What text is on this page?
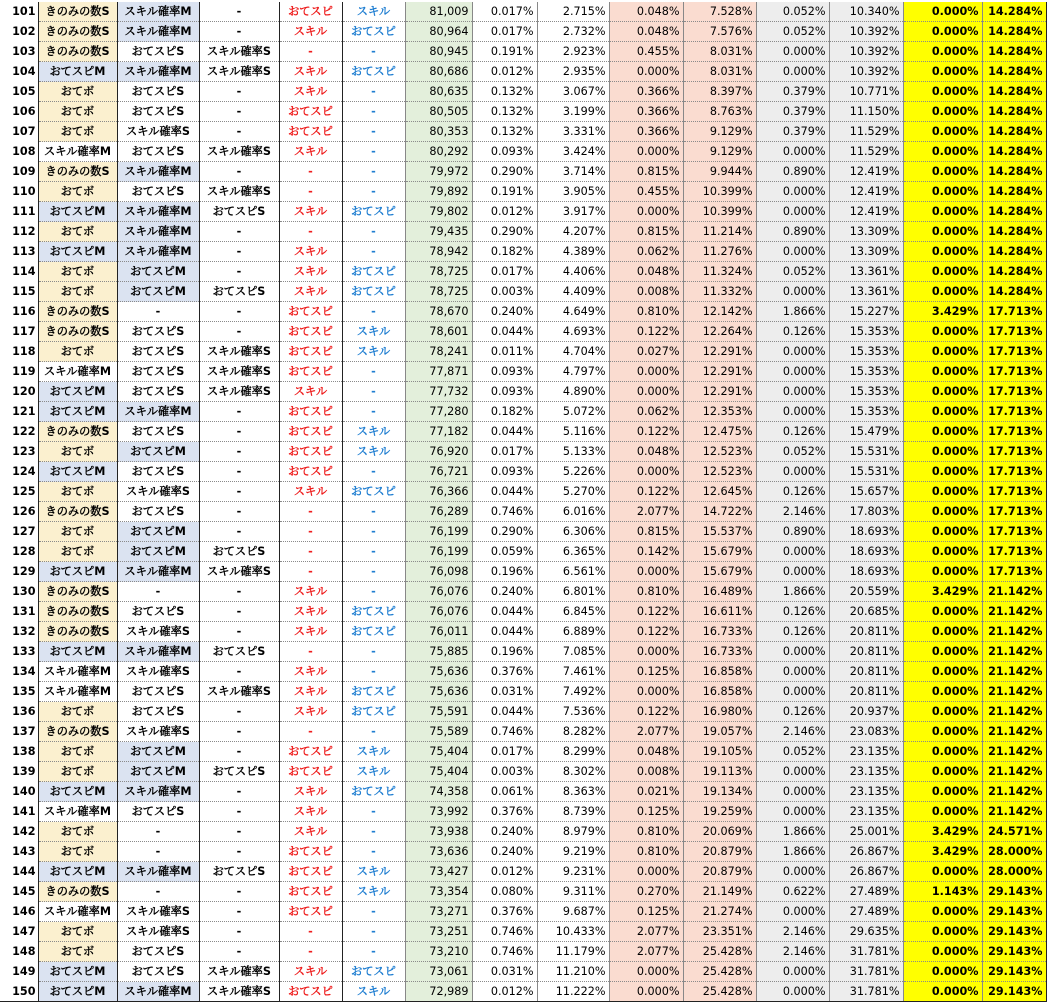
101	きのみの数S	スキル確率M	-	おてスピ	スキル	81,009	0.017%	2.715%	0.048%	7.528%	0.052%	10.340%	0.000%	14.284%
102	きのみの数S	スキル確率M	-	スキル	おてスピ	80,964	0.017%	2.732%	0.048%	7.576%	0.052%	10.392%	0.000%	14.284%
103	きのみの数S	おてスピS	スキル確率S	-	-	80,945	0.191%	2.923%	0.455%	8.031%	0.000%	10.392%	0.000%	14.284%
104	おてスピM	スキル確率M	スキル確率S	スキル	おてスピ	80,686	0.012%	2.935%	0.000%	8.031%	0.000%	10.392%	0.000%	14.284%
105	おてボ	おてスピS	-	スキル	-	80,635	0.132%	3.067%	0.366%	8.397%	0.379%	10.771%	0.000%	14.284%
106	おてボ	おてスピS	-	おてスピ	-	80,505	0.132%	3.199%	0.366%	8.763%	0.379%	11.150%	0.000%	14.284%
107	おてボ	スキル確率S	-	おてスピ	-	80,353	0.132%	3.331%	0.366%	9.129%	0.379%	11.529%	0.000%	14.284%
108	スキル確率M	おてスピS	スキル確率S	スキル	-	80,292	0.093%	3.424%	0.000%	9.129%	0.000%	11.529%	0.000%	14.284%
109	きのみの数S	スキル確率M	-	-	-	79,972	0.290%	3.714%	0.815%	9.944%	0.890%	12.419%	0.000%	14.284%
110	おてボ	おてスピS	スキル確率S	-	-	79,892	0.191%	3.905%	0.455%	10.399%	0.000%	12.419%	0.000%	14.284%
111	おてスピM	スキル確率M	おてスピS	スキル	おてスピ	79,802	0.012%	3.917%	0.000%	10.399%	0.000%	12.419%	0.000%	14.284%
112	おてボ	スキル確率M	-	-	-	79,435	0.290%	4.207%	0.815%	11.214%	0.890%	13.309%	0.000%	14.284%
113	おてスピM	スキル確率M	-	スキル	-	78,942	0.182%	4.389%	0.062%	11.276%	0.000%	13.309%	0.000%	14.284%
114	おてボ	おてスピM	-	スキル	おてスピ	78,725	0.017%	4.406%	0.048%	11.324%	0.052%	13.361%	0.000%	14.284%
115	おてボ	おてスピM	おてスピS	スキル	おてスピ	78,725	0.003%	4.409%	0.008%	11.332%	0.000%	13.361%	0.000%	14.284%
116	きのみの数S	-	-	おてスピ	-	78,670	0.240%	4.649%	0.810%	12.142%	1.866%	15.227%	3.429%	17.713%
117	きのみの数S	おてスピS	-	おてスピ	スキル	78,601	0.044%	4.693%	0.122%	12.264%	0.126%	15.353%	0.000%	17.713%
118	おてボ	おてスピS	スキル確率S	おてスピ	スキル	78,241	0.011%	4.704%	0.027%	12.291%	0.000%	15.353%	0.000%	17.713%
119	スキル確率M	おてスピS	スキル確率S	おてスピ	-	77,871	0.093%	4.797%	0.000%	12.291%	0.000%	15.353%	0.000%	17.713%
120	おてスピM	おてスピS	スキル確率S	スキル	-	77,732	0.093%	4.890%	0.000%	12.291%	0.000%	15.353%	0.000%	17.713%
121	おてスピM	スキル確率M	-	おてスピ	-	77,280	0.182%	5.072%	0.062%	12.353%	0.000%	15.353%	0.000%	17.713%
122	きのみの数S	おてスピS	-	おてスピ	スキル	77,182	0.044%	5.116%	0.122%	12.475%	0.126%	15.479%	0.000%	17.713%
123	おてボ	おてスピM	-	おてスピ	スキル	76,920	0.017%	5.133%	0.048%	12.523%	0.052%	15.531%	0.000%	17.713%
124	おてスピM	おてスピS	-	おてスピ	-	76,721	0.093%	5.226%	0.000%	12.523%	0.000%	15.531%	0.000%	17.713%
125	おてボ	スキル確率S	-	スキル	おてスピ	76,366	0.044%	5.270%	0.122%	12.645%	0.126%	15.657%	0.000%	17.713%
126	きのみの数S	おてスピS	-	-	-	76,289	0.746%	6.016%	2.077%	14.722%	2.146%	17.803%	0.000%	17.713%
127	おてボ	おてスピM	-	-	-	76,199	0.290%	6.306%	0.815%	15.537%	0.890%	18.693%	0.000%	17.713%
128	おてボ	おてスピM	おてスピS	-	-	76,199	0.059%	6.365%	0.142%	15.679%	0.000%	18.693%	0.000%	17.713%
129	おてスピM	スキル確率M	スキル確率S	-	-	76,098	0.196%	6.561%	0.000%	15.679%	0.000%	18.693%	0.000%	17.713%
130	きのみの数S	-	-	スキル	-	76,076	0.240%	6.801%	0.810%	16.489%	1.866%	20.559%	3.429%	21.142%
131	きのみの数S	おてスピS	-	スキル	おてスピ	76,076	0.044%	6.845%	0.122%	16.611%	0.126%	20.685%	0.000%	21.142%
132	きのみの数S	スキル確率S	-	スキル	おてスピ	76,011	0.044%	6.889%	0.122%	16.733%	0.126%	20.811%	0.000%	21.142%
133	おてスピM	スキル確率M	おてスピS	-	-	75,885	0.196%	7.085%	0.000%	16.733%	0.000%	20.811%	0.000%	21.142%
134	スキル確率M	スキル確率S	-	スキル	-	75,636	0.376%	7.461%	0.125%	16.858%	0.000%	20.811%	0.000%	21.142%
135	スキル確率M	おてスピS	スキル確率S	スキル	おてスピ	75,636	0.031%	7.492%	0.000%	16.858%	0.000%	20.811%	0.000%	21.142%
136	おてボ	おてスピS	-	スキル	おてスピ	75,591	0.044%	7.536%	0.122%	16.980%	0.126%	20.937%	0.000%	21.142%
137	きのみの数S	スキル確率S	-	-	-	75,589	0.746%	8.282%	2.077%	19.057%	2.146%	23.083%	0.000%	21.142%
138	おてボ	おてスピM	-	おてスピ	スキル	75,404	0.017%	8.299%	0.048%	19.105%	0.052%	23.135%	0.000%	21.142%
139	おてボ	おてスピM	おてスピS	おてスピ	スキル	75,404	0.003%	8.302%	0.008%	19.113%	0.000%	23.135%	0.000%	21.142%
140	おてスピM	スキル確率M	-	スキル	おてスピ	74,358	0.061%	8.363%	0.021%	19.134%	0.000%	23.135%	0.000%	21.142%
141	スキル確率M	おてスピS	-	スキル	-	73,992	0.376%	8.739%	0.125%	19.259%	0.000%	23.135%	0.000%	21.142%
142	おてボ	-	-	スキル	-	73,938	0.240%	8.979%	0.810%	20.069%	1.866%	25.001%	3.429%	24.571%
143	おてボ	-	-	おてスピ	-	73,636	0.240%	9.219%	0.810%	20.879%	1.866%	26.867%	3.429%	28.000%
144	おてスピM	スキル確率M	おてスピS	おてスピ	スキル	73,427	0.012%	9.231%	0.000%	20.879%	0.000%	26.867%	0.000%	28.000%
145	きのみの数S	-	-	おてスピ	スキル	73,354	0.080%	9.311%	0.270%	21.149%	0.622%	27.489%	1.143%	29.143%
146	スキル確率M	スキル確率S	-	おてスピ	-	73,271	0.376%	9.687%	0.125%	21.274%	0.000%	27.489%	0.000%	29.143%
147	おてボ	スキル確率S	-	-	-	73,251	0.746%	10.433%	2.077%	23.351%	2.146%	29.635%	0.000%	29.143%
148	おてボ	おてスピS	-	-	-	73,210	0.746%	11.179%	2.077%	25.428%	2.146%	31.781%	0.000%	29.143%
149	おてスピM	おてスピS	スキル確率S	スキル	おてスピ	73,061	0.031%	11.210%	0.000%	25.428%	0.000%	31.781%	0.000%	29.143%
150	おてスピM	スキル確率M	スキル確率S	おてスピ	スキル	72,989	0.012%	11.222%	0.000%	25.428%	0.000%	31.781%	0.000%	29.143%
